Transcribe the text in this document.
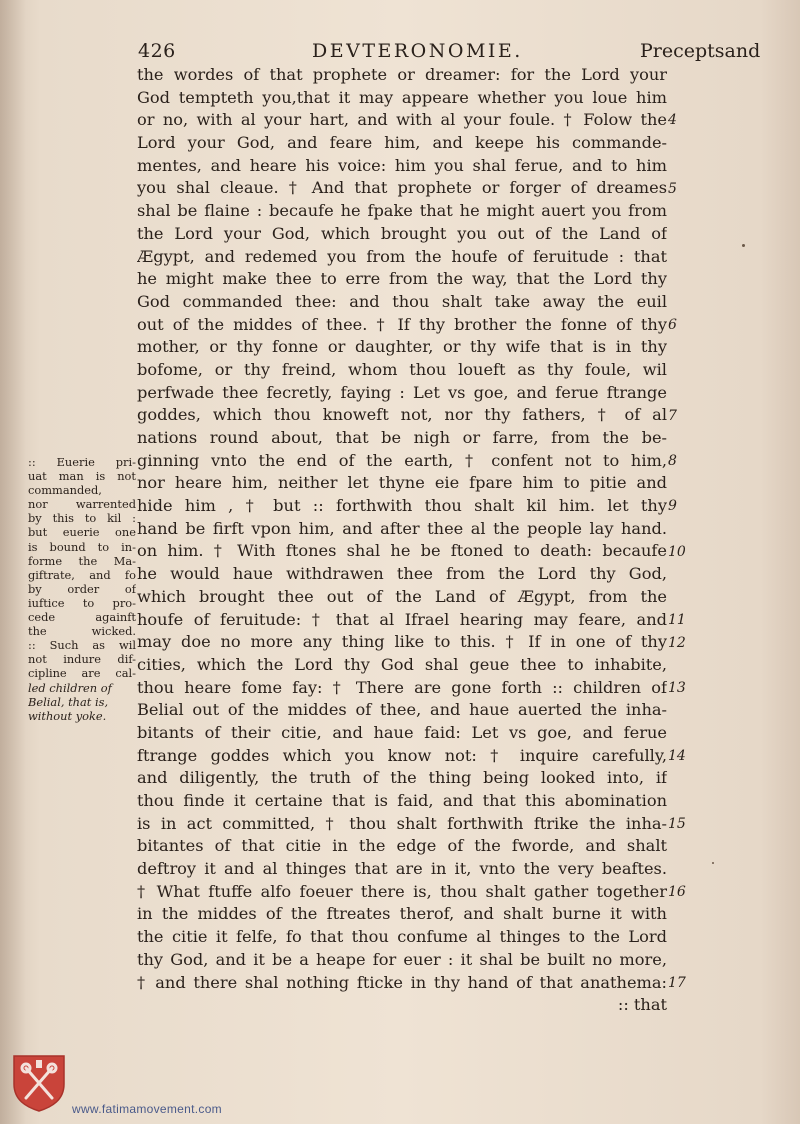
426	DEVTERONOMIE.	Preceptsand
:: Euerie pri-
uat man is not
commanded,
nor warrented
by this to kil :
but euerie one
is bound to in-
forme the Ma-
giftrate, and fo
by order of
iuftice to pro-
cede againft
the wicked.
:: Such as wil
not indure dif-
cipline are cal-
led children of
Belial, that is,
without yoke.
the wordes of that prophete or dreamer: for the Lord your
God tempteth you,that it may appeare whether you loue him
or no, with al your hart, and with al your foule. † Folow the
Lord your God, and feare him, and keepe his commande-
mentes, and heare his voice: him you shal ferue, and to him
you shal cleaue. † And that prophete or forger of dreames
shal be flaine : becaufe he fpake that he might auert you from
the Lord your God, which brought you out of the Land of
Ægypt, and redemed you from the houfe of feruitude : that
he might make thee to erre from the way, that the Lord thy
God commanded thee: and thou shalt take away the euil
out of the middes of thee. † If thy brother the fonne of thy
mother, or thy fonne or daughter, or thy wife that is in thy
bofome, or thy freind, whom thou loueft as thy foule, wil
perfwade thee fecretly, faying : Let vs goe, and ferue ftrange
goddes, which thou knoweft not, nor thy fathers, † of al
nations round about, that be nigh or farre, from the be-
ginning vnto the end of the earth, † confent not to him,
nor heare him, neither let thyne eie fpare him to pitie and
hide him , † but :: forthwith thou shalt kil him. let thy
hand be firft vpon him, and after thee al the people lay hand.
on him. † With ftones shal he be ftoned to death: becaufe
he would haue withdrawen thee from the Lord thy God,
which brought thee out of the Land of Ægypt, from the
houfe of feruitude: † that al Ifrael hearing may feare, and
may doe no more any thing like to this. † If in one of thy
cities, which the Lord thy God shal geue thee to inhabite,
thou heare fome fay: † There are gone forth :: children of
Belial out of the middes of thee, and haue auerted the inha-
bitants of their citie, and haue faid: Let vs goe, and ferue
ftrange goddes which you know not: † inquire carefully,
and diligently, the truth of the thing being looked into, if
thou finde it certaine that is faid, and that this abomination
is in act committed, † thou shalt forthwith ftrike the inha-
bitantes of that citie in the edge of the fworde, and shalt
deftroy it and al thinges that are in it, vnto the very beaftes.
† What ftuffe alfo foeuer there is, thou shalt gather together
in the middes of the ftreates therof, and shalt burne it with
the citie it felfe, fo that thou confume al thinges to the Lord
thy God, and it be a heape for euer : it shal be built no more,
† and there shal nothing fticke in thy hand of that anathema:
:: that
4
5
6
7
8
9
10
11
12
13
14
15
16
17
www.fatimamovement.com
